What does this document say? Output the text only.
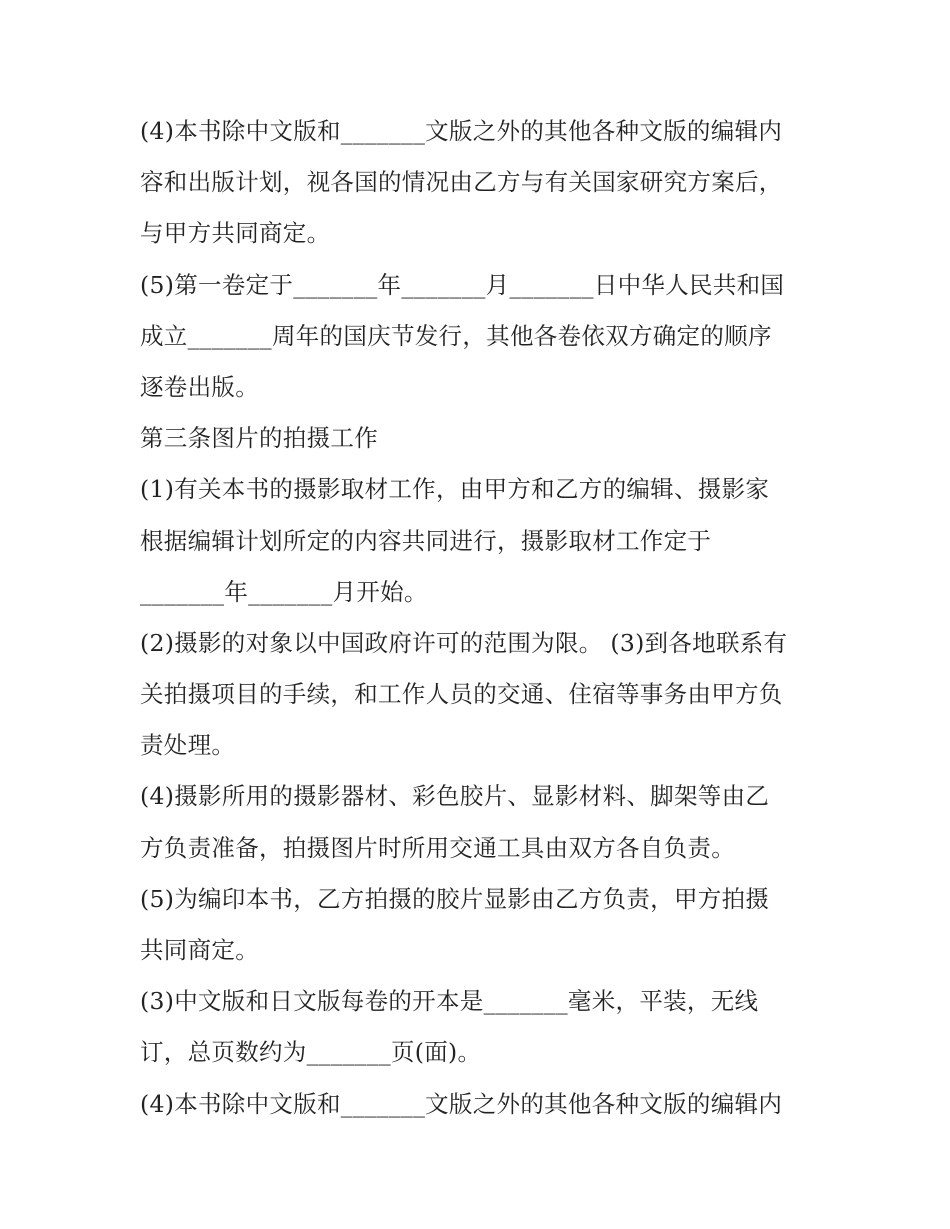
(4)本书除中文版和_______文版之外的其他各种文版的编辑内
容和出版计划，视各国的情况由乙方与有关国家研究方案后，
与甲方共同商定。
(5)第一卷定于_______年_______月_______日中华人民共和国
成立_______周年的国庆节发行，其他各卷依双方确定的顺序
逐卷出版。
第三条图片的拍摄工作
(1)有关本书的摄影取材工作，由甲方和乙方的编辑、摄影家
根据编辑计划所定的内容共同进行，摄影取材工作定于
_______年_______月开始。
(2)摄影的对象以中国政府许可的范围为限。 (3)到各地联系有
关拍摄项目的手续，和工作人员的交通、住宿等事务由甲方负
责处理。
(4)摄影所用的摄影器材、彩色胶片、显影材料、脚架等由乙
方负责准备，拍摄图片时所用交通工具由双方各自负责。
(5)为编印本书，乙方拍摄的胶片显影由乙方负责，甲方拍摄
共同商定。
(3)中文版和日文版每卷的开本是_______毫米，平装，无线
订，总页数约为_______页(面)。
(4)本书除中文版和_______文版之外的其他各种文版的编辑内
